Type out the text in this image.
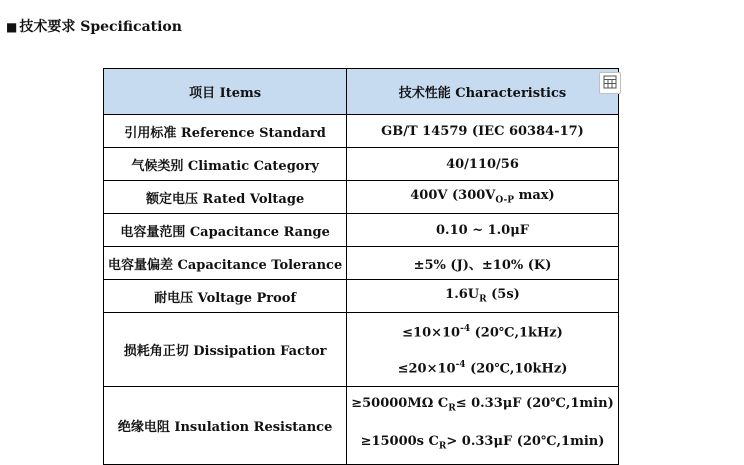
■ 技术要求 Specification
项目 Items	技术性能 Characteristics
引用标准 Reference Standard	GB/T 14579 (IEC 60384-17)
气候类别 Climatic Category	40/110/56
额定电压 Rated Voltage	400V ($300V_{O-P}$ max)
电容量范围 Capacitance Range	0.10 ~ 1.0μF
电容量偏差 Capacitance Tolerance	±5% (J)、±10% (K)
耐电压 Voltage Proof	$1.6U_R$ (5s)
损耗角正切 Dissipation Factor	$\le 10\times 10^{-4}$ (20℃,1kHz)
$\le 20\times 10^{-4}$ (20℃,10kHz)

绝缘电阻 Insulation Resistance	≥50000MΩ $C_R\le 0.33\mu F$ (20℃,1min)
≥15000s $C_R> 0.33\mu F$ (20℃,1min)
